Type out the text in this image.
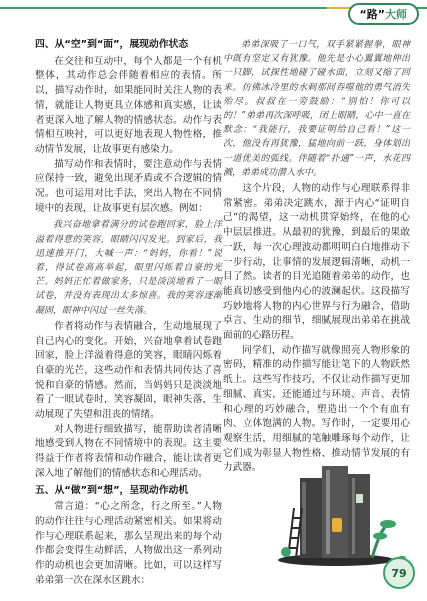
“路” 大师
四、从“空”到“面”，展现动作状态

在交往和互动中，每个人都是一个有机整体，其动作总会伴随着相应的表情。所以，描写动作时，如果能同时关注人物的表情，就能让人物更具立体感和真实感，让读者更深入地了解人物的情感状态。动作与表情相互映衬，可以更好地表现人物性格，推动情节发展，让故事更有感染力。

描写动作和表情时，要注意动作与表情应保持一致，避免出现矛盾或不合逻辑的情况。也可运用对比手法，突出人物在不同情境中的表现，让故事更有层次感。例如：

我兴奋地拿着满分的试卷跑回家，脸上洋溢着得意的笑容，眼睛闪闪发光。到家后，我迅速推开门，大喊一声：“妈妈，你看！”说着，得试卷高高举起，眼里闪烁着自豪的光芒。妈妈正忙着做家务，只是淡淡地看了一眼试卷，并没有表现出太多惊喜。我的笑容逐渐凝固，眼神中闪过一丝失落。

作者将动作与表情融合，生动地展现了自己内心的变化。开始，兴奋地拿着试卷跑回家，脸上洋溢着得意的笑容，眼睛闪烁着自豪的光芒，这些动作和表情共同传达了喜悦和自豪的情感。然而，当妈妈只是淡淡地看了一眼试卷时，笑容凝固，眼神失落，生动展现了失望和沮丧的情绪。

对人物进行细致描写，能帮助读者清晰地感受到人物在不同情境中的表现。这主要得益于作者将表情和动作融合，能让读者更深入地了解他们的情感状态和心理活动。

五、从“做”到“想”，呈现动作动机

常言道：“心之所念，行之所至。”人物的动作往往与心理活动紧密相关。如果将动作与心理联系起来，那么呈现出来的每个动作都会变得生动鲜活，人物做出这一系列动作的动机也会更加清晰。比如，可以这样写弟弟第一次在深水区跳水：

弟弟深吸了一口气，双手紧紧握拳，眼神中既有坚定又有犹豫。他先是小心翼翼地伸出一只脚，试探性地碰了碰水面，立刻又缩了回来。仿佛冰冷里的水刺那间吞噬他的勇气消失殆尽。叔叔在一旁鼓励：“别怕！你可以的！”弟弟再次深呼吸，闭上眼睛，心中一直在默念：“我能行，我要证明给自己看！”这一次，他没有再犹豫，猛地向前一跃，身体划出一道优美的弧线。伴随着“扑通”一声，水花四溅，弟弟成功潜入水中。

这个片段，人物的动作与心理联系得非常紧密。弟弟决定跳水，源于内心“证明自己”的渴望，这一动机贯穿始终，在他的心中层层推进。从最初的犹豫，到最后的果敢一跃，每一次心理波动都明明白白地推动下一步行动，让事情的发展逻辑清晰，动机一目了然。读者的目光追随着弟弟的动作，也能真切感受到他内心的波澜起伏。这段描写巧妙地将人物的内心世界与行为融合，借助卓言、生动的细节，细腻展现出弟弟在挑战面前的心路历程。

同学们，动作描写就像照亮人物形象的密码，精准的动作描写能让笔下的人物跃然纸上。这些写作技巧，不仅让动作描写更加细腻、真实，还能通过与环境、声音、表情和心理的巧妙融合，塑造出一个个有血有肉、立体饱满的人物。写作时，一定要用心观察生活，用细腻的笔触雕琢每个动作，让它们成为彰显人物性格、推动情节发展的有力武器。

79
